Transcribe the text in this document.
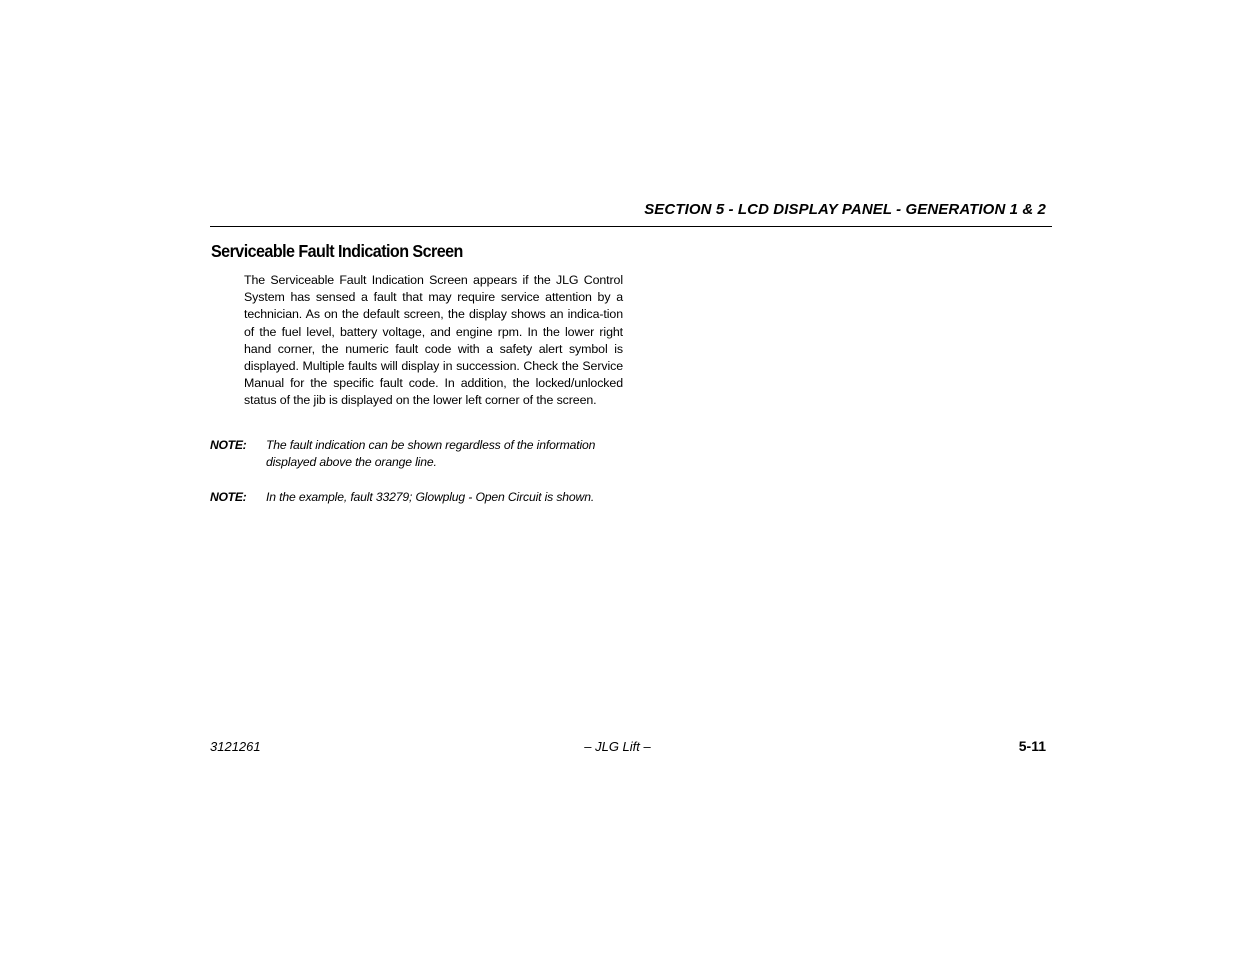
SECTION 5 - LCD DISPLAY PANEL - GENERATION 1 & 2
Serviceable Fault Indication Screen
The Serviceable Fault Indication Screen appears if the JLG Control System has sensed a fault that may require service attention by a technician. As on the default screen, the display shows an indica-tion of the fuel level, battery voltage, and engine rpm. In the lower right hand corner, the numeric fault code with a safety alert symbol is displayed. Multiple faults will display in succession. Check the Service Manual for the specific fault code. In addition, the locked/unlocked status of the jib is displayed on the lower left corner of the screen.
NOTE: The fault indication can be shown regardless of the information displayed above the orange line.
NOTE: In the example, fault 33279; Glowplug - Open Circuit is shown.
3121261	– JLG Lift –	5-11
